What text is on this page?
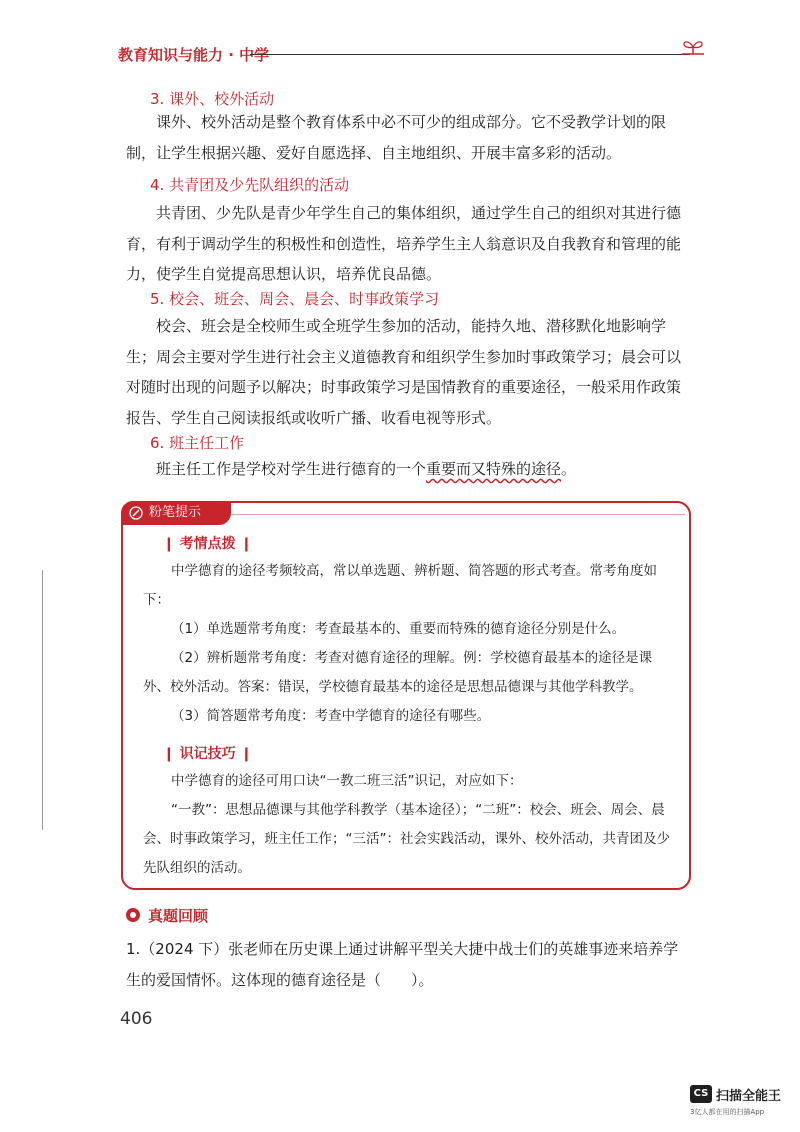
教育知识与能力 · 中学
3. 课外、校外活动
课外、校外活动是整个教育体系中必不可少的组成部分。它不受教学计划的限制，让学生根据兴趣、爱好自愿选择、自主地组织、开展丰富多彩的活动。
4. 共青团及少先队组织的活动
共青团、少先队是青少年学生自己的集体组织，通过学生自己的组织对其进行德育，有利于调动学生的积极性和创造性，培养学生主人翁意识及自我教育和管理的能力，使学生自觉提高思想认识，培养优良品德。
5. 校会、班会、周会、晨会、时事政策学习
校会、班会是全校师生或全班学生参加的活动，能持久地、潜移默化地影响学生；周会主要对学生进行社会主义道德教育和组织学生参加时事政策学习；晨会可以对随时出现的问题予以解决；时事政策学习是国情教育的重要途径，一般采用作政策报告、学生自己阅读报纸或收听广播、收看电视等形式。
6. 班主任工作
班主任工作是学校对学生进行德育的一个重要而又特殊的途径。
粉笔提示
❙ 考情点拨 ❙
中学德育的途径考频较高，常以单选题、辨析题、简答题的形式考查。常考角度如下：
（1）单选题常考角度：考查最基本的、重要而特殊的德育途径分别是什么。
（2）辨析题常考角度：考查对德育途径的理解。例：学校德育最基本的途径是课外、校外活动。答案：错误，学校德育最基本的途径是思想品德课与其他学科教学。
（3）简答题常考角度：考查中学德育的途径有哪些。
❙ 识记技巧 ❙
中学德育的途径可用口诀“一教二班三活”识记，对应如下：
“一教”：思想品德课与其他学科教学（基本途径）；“二班”：校会、班会、周会、晨会、时事政策学习，班主任工作；“三活”：社会实践活动，课外、校外活动，共青团及少先队组织的活动。
真题回顾
1.（2024 下）张老师在历史课上通过讲解平型关大捷中战士们的英雄事迹来培养学生的爱国情怀。这体现的德育途径是（　　）。
406
CS 扫描全能王
3亿人都在用的扫描App
